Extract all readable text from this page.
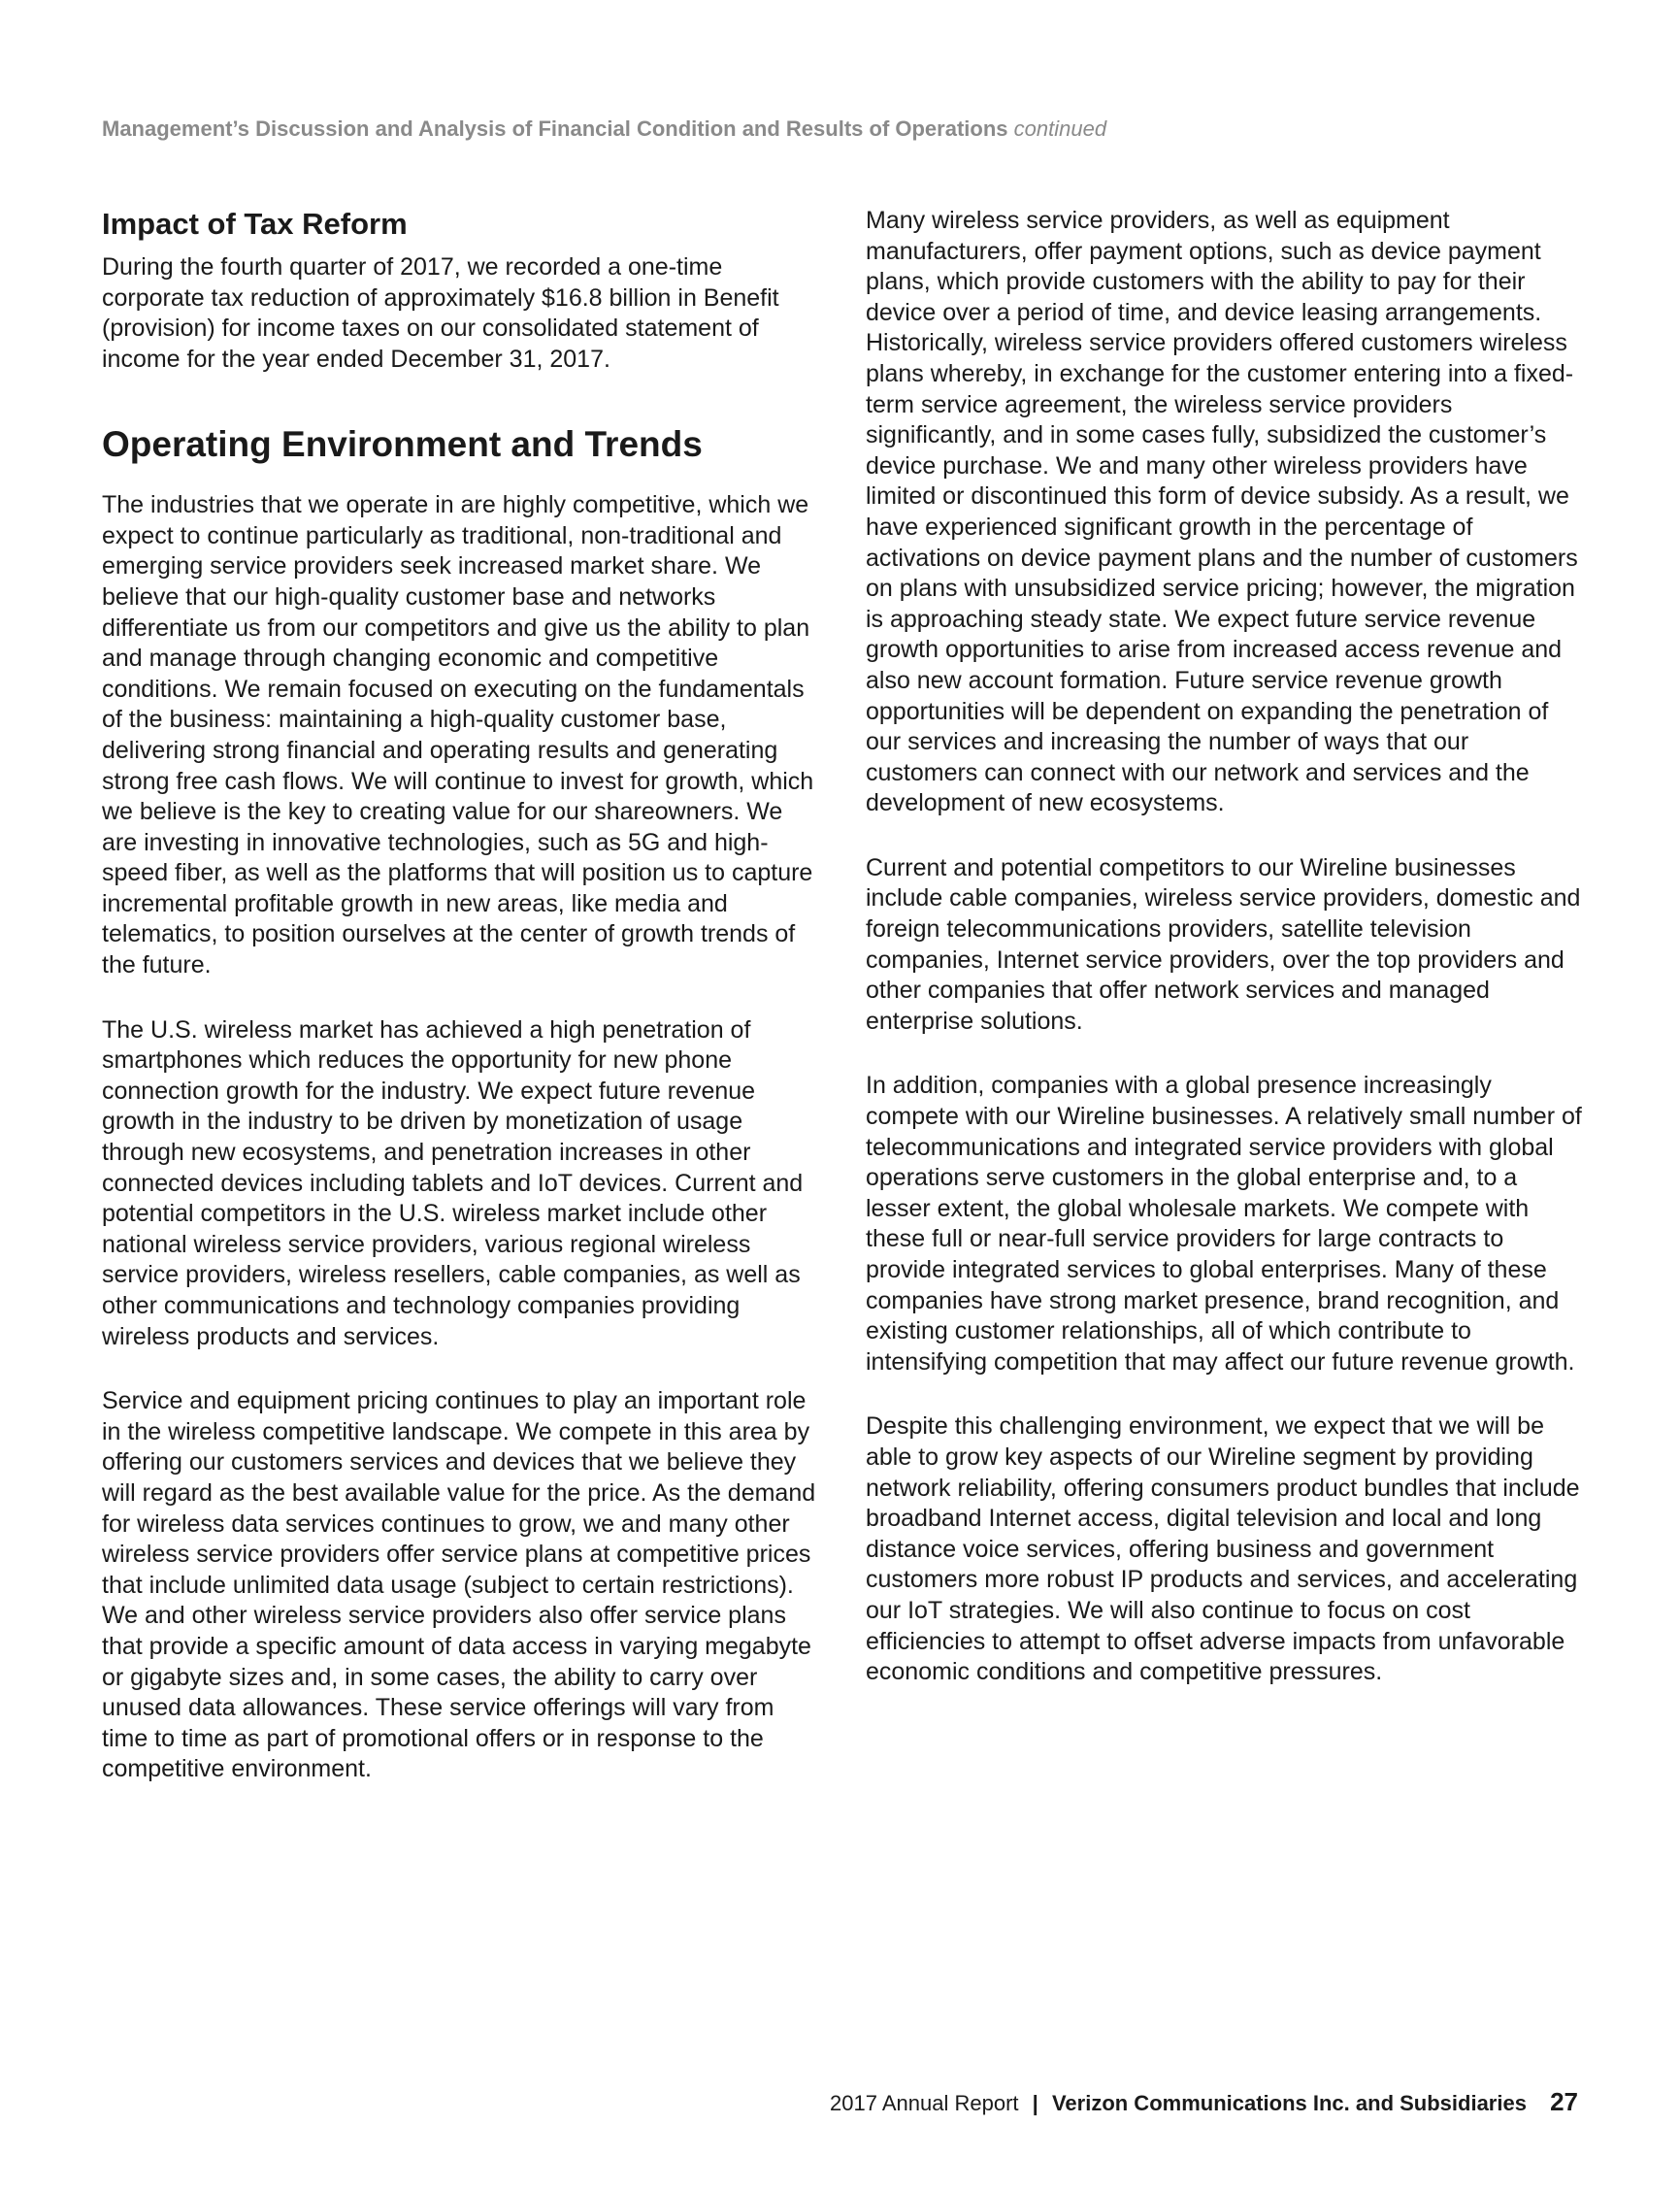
Management’s Discussion and Analysis of Financial Condition and Results of Operations continued
Impact of Tax Reform

During the fourth quarter of 2017, we recorded a one-time corporate tax reduction of approximately $16.8 billion in Benefit (provision) for income taxes on our consolidated statement of income for the year ended December 31, 2017.

Operating Environment and Trends

The industries that we operate in are highly competitive, which we expect to continue particularly as traditional, non-traditional and emerging service providers seek increased market share. We believe that our high-quality customer base and networks differentiate us from our competitors and give us the ability to plan and manage through changing economic and competitive conditions. We remain focused on executing on the fundamentals of the business: maintaining a high-quality customer base, delivering strong financial and operating results and generating strong free cash flows. We will continue to invest for growth, which we believe is the key to creating value for our shareowners. We are investing in innovative technologies, such as 5G and high-speed fiber, as well as the platforms that will position us to capture incremental profitable growth in new areas, like media and telematics, to position ourselves at the center of growth trends of the future.

The U.S. wireless market has achieved a high penetration of smartphones which reduces the opportunity for new phone connection growth for the industry. We expect future revenue growth in the industry to be driven by monetization of usage through new ecosystems, and penetration increases in other connected devices including tablets and IoT devices. Current and potential competitors in the U.S. wireless market include other national wireless service providers, various regional wireless service providers, wireless resellers, cable companies, as well as other communications and technology companies providing wireless products and services.

Service and equipment pricing continues to play an important role in the wireless competitive landscape. We compete in this area by offering our customers services and devices that we believe they will regard as the best available value for the price. As the demand for wireless data services continues to grow, we and many other wireless service providers offer service plans at competitive prices that include unlimited data usage (subject to certain restrictions). We and other wireless service providers also offer service plans that provide a specific amount of data access in varying megabyte or gigabyte sizes and, in some cases, the ability to carry over unused data allowances. These service offerings will vary from time to time as part of promotional offers or in response to the competitive environment.

Many wireless service providers, as well as equipment manufacturers, offer payment options, such as device payment plans, which provide customers with the ability to pay for their device over a period of time, and device leasing arrangements. Historically, wireless service providers offered customers wireless plans whereby, in exchange for the customer entering into a fixed-term service agreement, the wireless service providers significantly, and in some cases fully, subsidized the customer’s device purchase. We and many other wireless providers have limited or discontinued this form of device subsidy. As a result, we have experienced significant growth in the percentage of activations on device payment plans and the number of customers on plans with unsubsidized service pricing; however, the migration is approaching steady state. We expect future service revenue growth opportunities to arise from increased access revenue and also new account formation. Future service revenue growth opportunities will be dependent on expanding the penetration of our services and increasing the number of ways that our customers can connect with our network and services and the development of new ecosystems.

Current and potential competitors to our Wireline businesses include cable companies, wireless service providers, domestic and foreign telecommunications providers, satellite television companies, Internet service providers, over the top providers and other companies that offer network services and managed enterprise solutions.

In addition, companies with a global presence increasingly compete with our Wireline businesses. A relatively small number of telecommunications and integrated service providers with global operations serve customers in the global enterprise and, to a lesser extent, the global wholesale markets. We compete with these full or near-full service providers for large contracts to provide integrated services to global enterprises. Many of these companies have strong market presence, brand recognition, and existing customer relationships, all of which contribute to intensifying competition that may affect our future revenue growth.

Despite this challenging environment, we expect that we will be able to grow key aspects of our Wireline segment by providing network reliability, offering consumers product bundles that include broadband Internet access, digital television and local and long distance voice services, offering business and government customers more robust IP products and services, and accelerating our IoT strategies. We will also continue to focus on cost efficiencies to attempt to offset adverse impacts from unfavorable economic conditions and competitive pressures.

2017 Annual Report | Verizon Communications Inc. and Subsidiaries 27
